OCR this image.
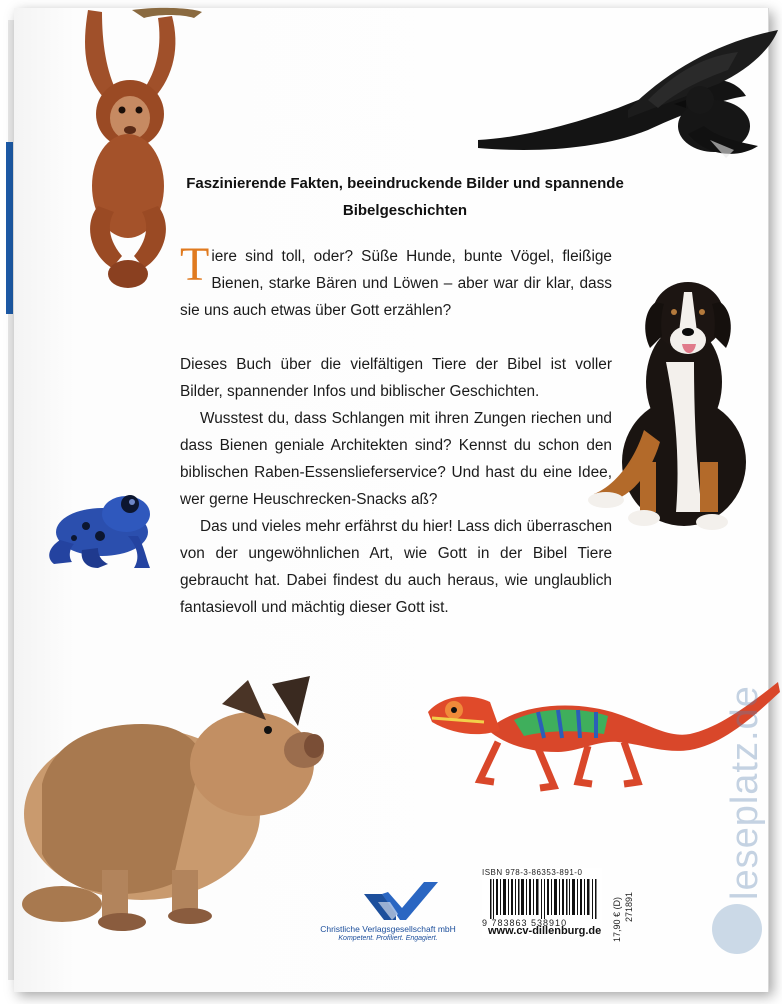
Faszinierende Fakten, beeindruckende Bilder und spannende Bibelgeschichten

Tiere sind toll, oder? Süße Hunde, bunte Vögel, fleißige Bienen, starke Bären und Löwen – aber war dir klar, dass sie uns auch etwas über Gott erzählen?

Dieses Buch über die vielfältigen Tiere der Bibel ist voller Bilder, spannender Infos und biblischer Geschichten.

Wusstest du, dass Schlangen mit ihren Zungen riechen und dass Bienen geniale Architekten sind? Kennst du schon den biblischen Raben-Essenslieferservice? Und hast du eine Idee, wer gerne Heuschrecken-Snacks aß?

Das und vieles mehr erfährst du hier! Lass dich überraschen von der ungewöhnlichen Art, wie Gott in der Bibel Tiere gebraucht hat. Dabei findest du auch heraus, wie unglaublich fantasievoll und mächtig dieser Gott ist.

Christliche Verlagsgesellschaft mbH
Kompetent. Profiliert. Engagiert.
ISBN 978-3-86353-891-0
9 783863 538910	17,90 € (D) 271891
www.cv-dillenburg.de
leseplatz.de
